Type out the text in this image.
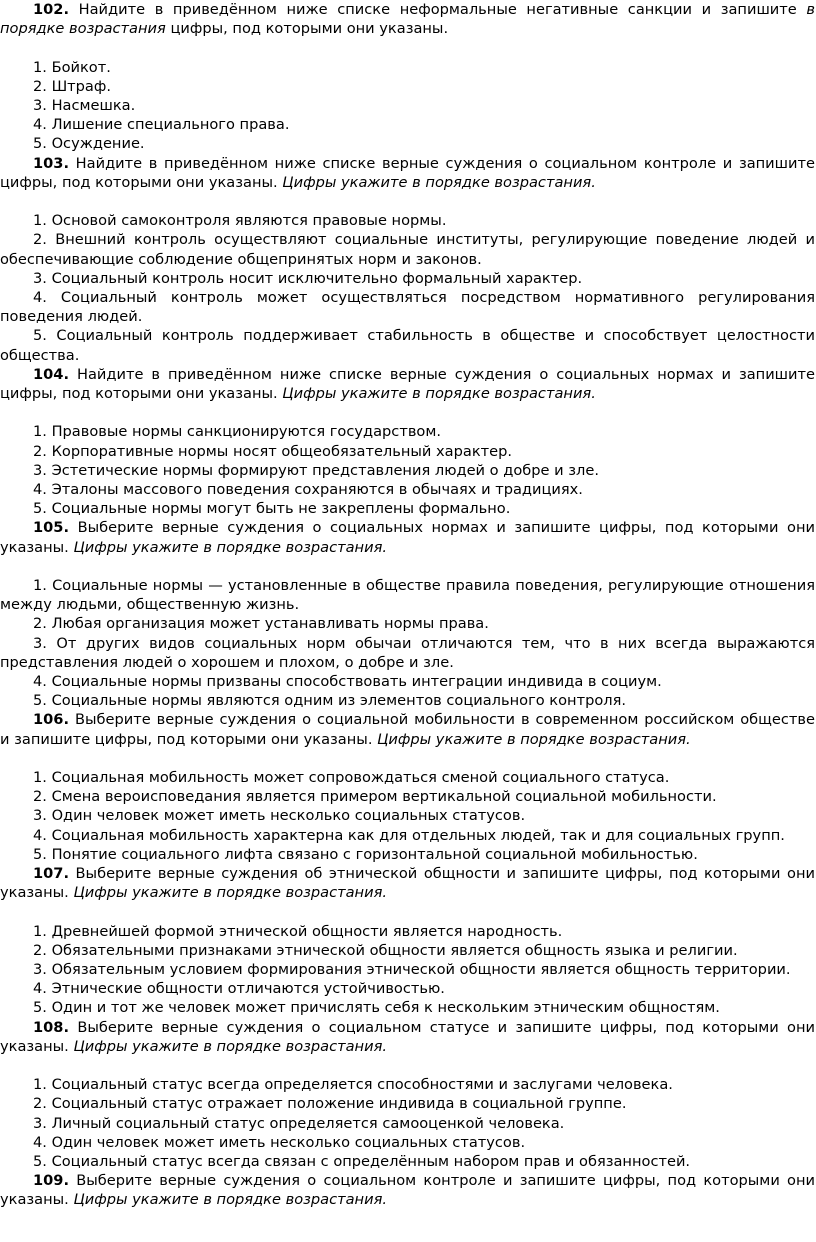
102. Найдите в приведённом ниже списке неформальные негативные санкции и запишите в порядке возрастания цифры, под которыми они указаны.

1. Бойкот.

2. Штраф.

3. Насмешка.

4. Лишение специального права.

5. Осуждение.

103. Найдите в приведённом ниже списке верные суждения о социальном контроле и запишите цифры, под которыми они указаны. Цифры укажите в порядке возрастания.

1. Основой самоконтроля являются правовые нормы.

2. Внешний контроль осуществляют социальные институты, регулирующие поведение людей и обеспечивающие соблюдение общепринятых норм и законов.

3. Социальный контроль носит исключительно формальный характер.

4. Социальный контроль может осуществляться посредством нормативного регулирования поведения людей.

5. Социальный контроль поддерживает стабильность в обществе и способствует целостности общества.

104. Найдите в приведённом ниже списке верные суждения о социальных нормах и запишите цифры, под которыми они указаны. Цифры укажите в порядке возрастания.

1. Правовые нормы санкционируются государством.

2. Корпоративные нормы носят общеобязательный характер.

3. Эстетические нормы формируют представления людей о добре и зле.

4. Эталоны массового поведения сохраняются в обычаях и традициях.

5. Социальные нормы могут быть не закреплены формально.

105. Выберите верные суждения о социальных нормах и запишите цифры, под которыми они указаны. Цифры укажите в порядке возрастания.

1. Социальные нормы — установленные в обществе правила поведения, регулирующие отношения между людьми, общественную жизнь.

2. Любая организация может устанавливать нормы права.

3. От других видов социальных норм обычаи отличаются тем, что в них всегда выражаются представления людей о хорошем и плохом, о добре и зле.

4. Социальные нормы призваны способствовать интеграции индивида в социум.

5. Социальные нормы являются одним из элементов социального контроля.

106. Выберите верные суждения о социальной мобильности в современном российском обществе и запишите цифры, под которыми они указаны. Цифры укажите в порядке возрастания.

1. Социальная мобильность может сопровождаться сменой социального статуса.

2. Смена вероисповедания является примером вертикальной социальной мобильности.

3. Один человек может иметь несколько социальных статусов.

4. Социальная мобильность характерна как для отдельных людей, так и для социальных групп.

5. Понятие социального лифта связано с горизонтальной социальной мобильностью.

107. Выберите верные суждения об этнической общности и запишите цифры, под которыми они указаны. Цифры укажите в порядке возрастания.

1. Древнейшей формой этнической общности является народность.

2. Обязательными признаками этнической общности является общность языка и религии.

3. Обязательным условием формирования этнической общности является общность территории.

4. Этнические общности отличаются устойчивостью.

5. Один и тот же человек может причислять себя к нескольким этническим общностям.

108. Выберите верные суждения о социальном статусе и запишите цифры, под которыми они указаны. Цифры укажите в порядке возрастания.

1. Социальный статус всегда определяется способностями и заслугами человека.

2. Социальный статус отражает положение индивида в социальной группе.

3. Личный социальный статус определяется самооценкой человека.

4. Один человек может иметь несколько социальных статусов.

5. Социальный статус всегда связан с определённым набором прав и обязанностей.

109. Выберите верные суждения о социальном контроле и запишите цифры, под которыми они указаны. Цифры укажите в порядке возрастания.
